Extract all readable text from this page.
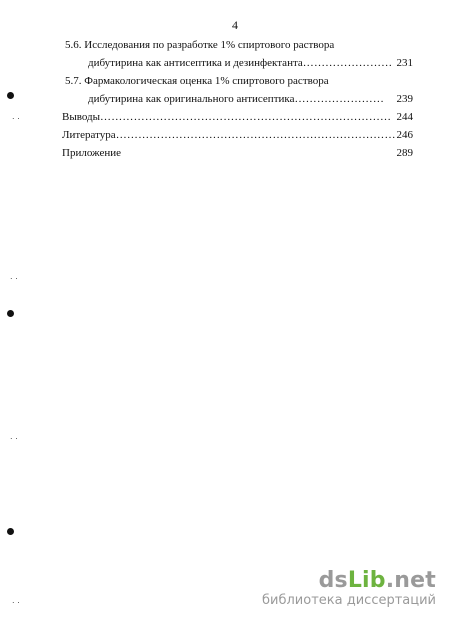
4
5.6. Исследования по разработке 1% спиртового раствора
дибутирина как антисептика и дезинфектанта…………………… 231
5.7. Фармакологическая оценка 1% спиртового раствора
дибутирина как оригинального антисептика…………………… 239
Выводы…………………………………………………………………… 244
Литература………………………………………………………………… 246
Приложение	289
. .
. .
. .
. .
dsLib.net
библиотека диссертаций
